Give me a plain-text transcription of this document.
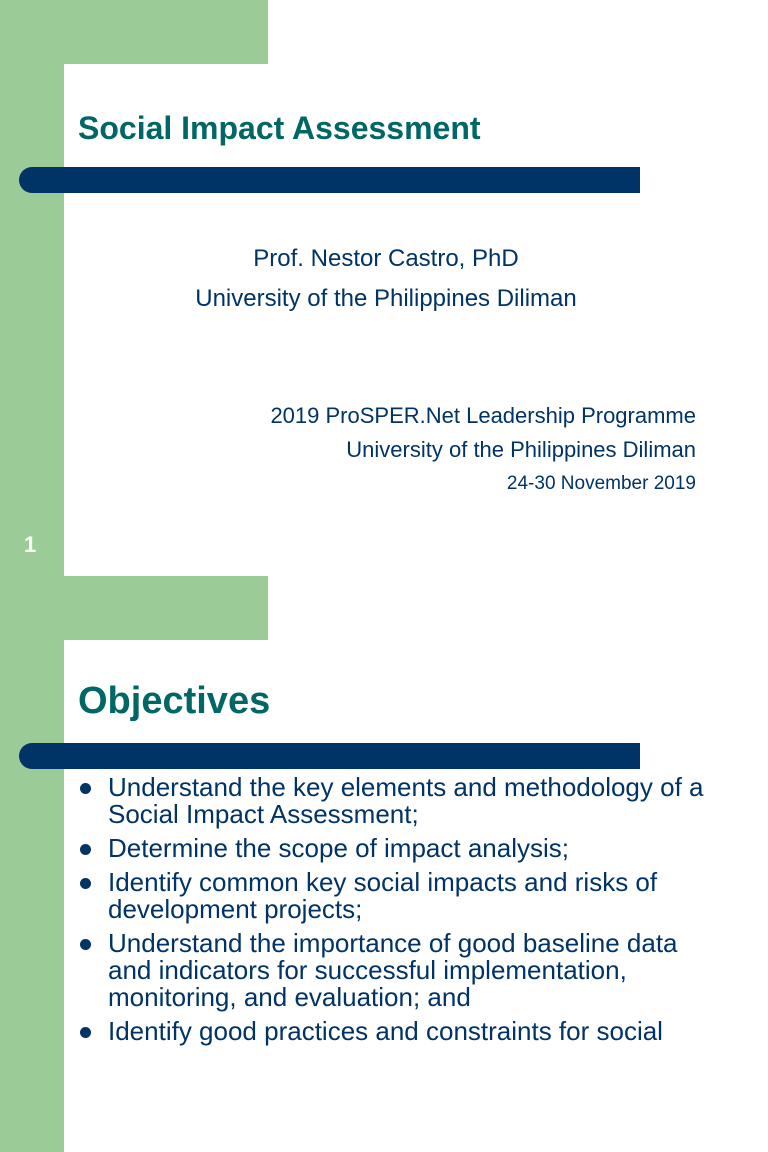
Social Impact Assessment
Prof. Nestor Castro, PhD
University of the Philippines Diliman
2019 ProSPER.Net Leadership Programme
University of the Philippines Diliman
24-30 November 2019
1
Objectives
Understand the key elements and methodology of a Social Impact Assessment;
Determine the scope of impact analysis;
Identify common key social impacts and risks of development projects;
Understand the importance of good baseline data and indicators for successful implementation, monitoring, and evaluation; and
Identify good practices and constraints for social
